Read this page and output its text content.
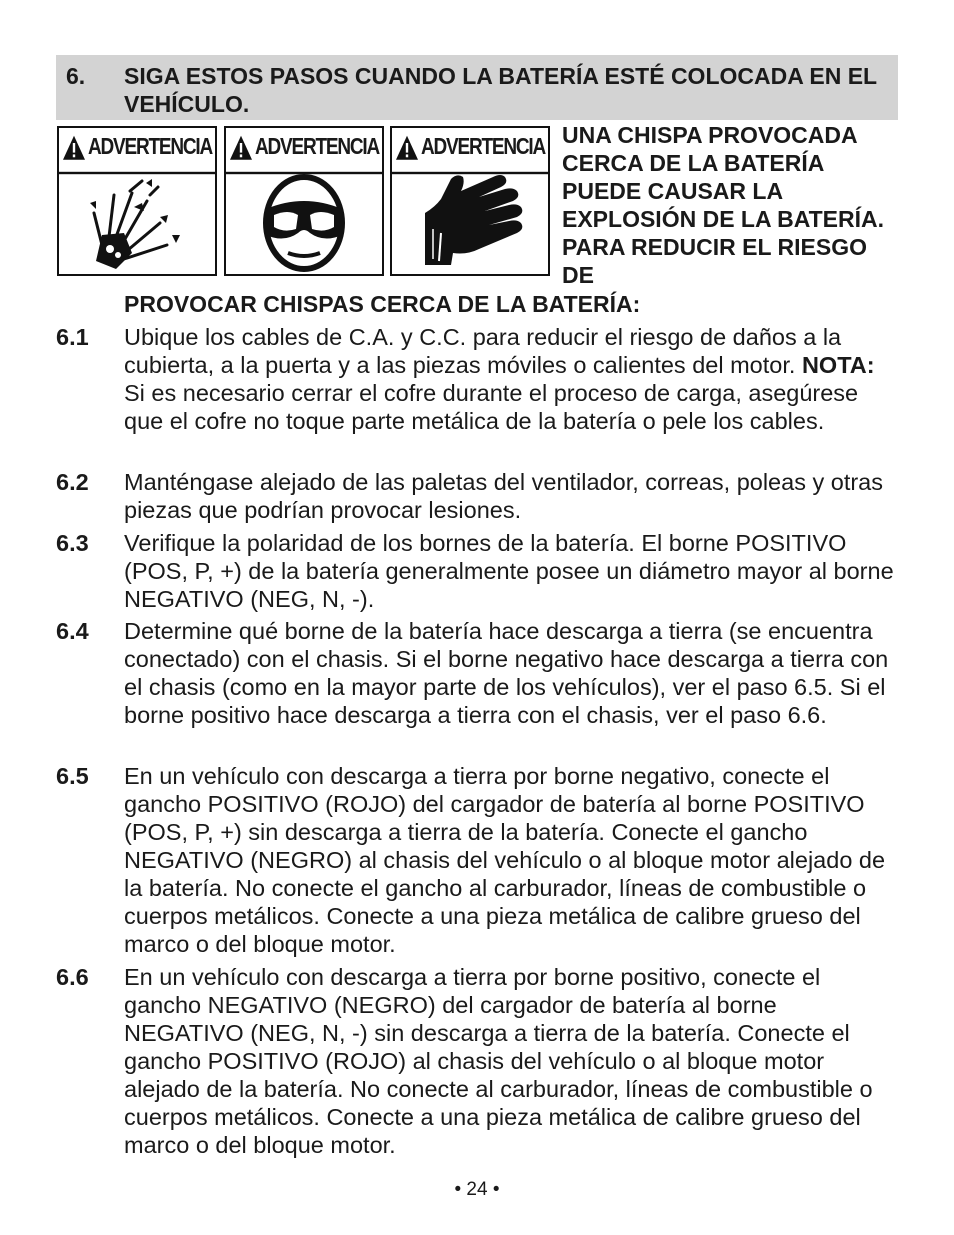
6. SIGA ESTOS PASOS CUANDO LA BATERÍA ESTÉ COLOCADA EN EL VEHÍCULO.
ADVERTENCIA ADVERTENCIA ADVERTENCIA UNA CHISPA PROVOCADA CERCA DE LA BATERÍA PUEDE CAUSAR LA EXPLOSIÓN DE LA BATERÍA. PARA REDUCIR EL RIESGO DE
PROVOCAR CHISPAS CERCA DE LA BATERÍA:
6.1 Ubique los cables de C.A. y C.C. para reducir el riesgo de daños a la cubierta, a la puerta y a las piezas móviles o calientes del motor. NOTA: Si es necesario cerrar el cofre durante el proceso de carga, asegúrese que el cofre no toque parte metálica de la batería o pele los cables.
6.2 Manténgase alejado de las paletas del ventilador, correas, poleas y otras piezas que podrían provocar lesiones.
6.3 Verifique la polaridad de los bornes de la batería. El borne POSITIVO (POS, P, +) de la batería generalmente posee un diámetro mayor al borne NEGATIVO (NEG, N, -).
6.4 Determine qué borne de la batería hace descarga a tierra (se encuentra conectado) con el chasis. Si el borne negativo hace descarga a tierra con el chasis (como en la mayor parte de los vehículos), ver el paso 6.5. Si el borne positivo hace descarga a tierra con el chasis, ver el paso 6.6.
6.5 En un vehículo con descarga a tierra por borne negativo, conecte el gancho POSITIVO (ROJO) del cargador de batería al borne POSITIVO (POS, P, +) sin descarga a tierra de la batería. Conecte el gancho NEGATIVO (NEGRO) al chasis del vehículo o al bloque motor alejado de la batería. No conecte el gancho al carburador, líneas de combustible o cuerpos metálicos. Conecte a una pieza metálica de calibre grueso del marco o del bloque motor.
6.6 En un vehículo con descarga a tierra por borne positivo, conecte el gancho NEGATIVO (NEGRO) del cargador de batería al borne NEGATIVO (NEG, N, -) sin descarga a tierra de la batería. Conecte el gancho POSITIVO (ROJO) al chasis del vehículo o al bloque motor alejado de la batería. No conecte al carburador, líneas de combustible o cuerpos metálicos. Conecte a una pieza metálica de calibre grueso del marco o del bloque motor.
• 24 •
